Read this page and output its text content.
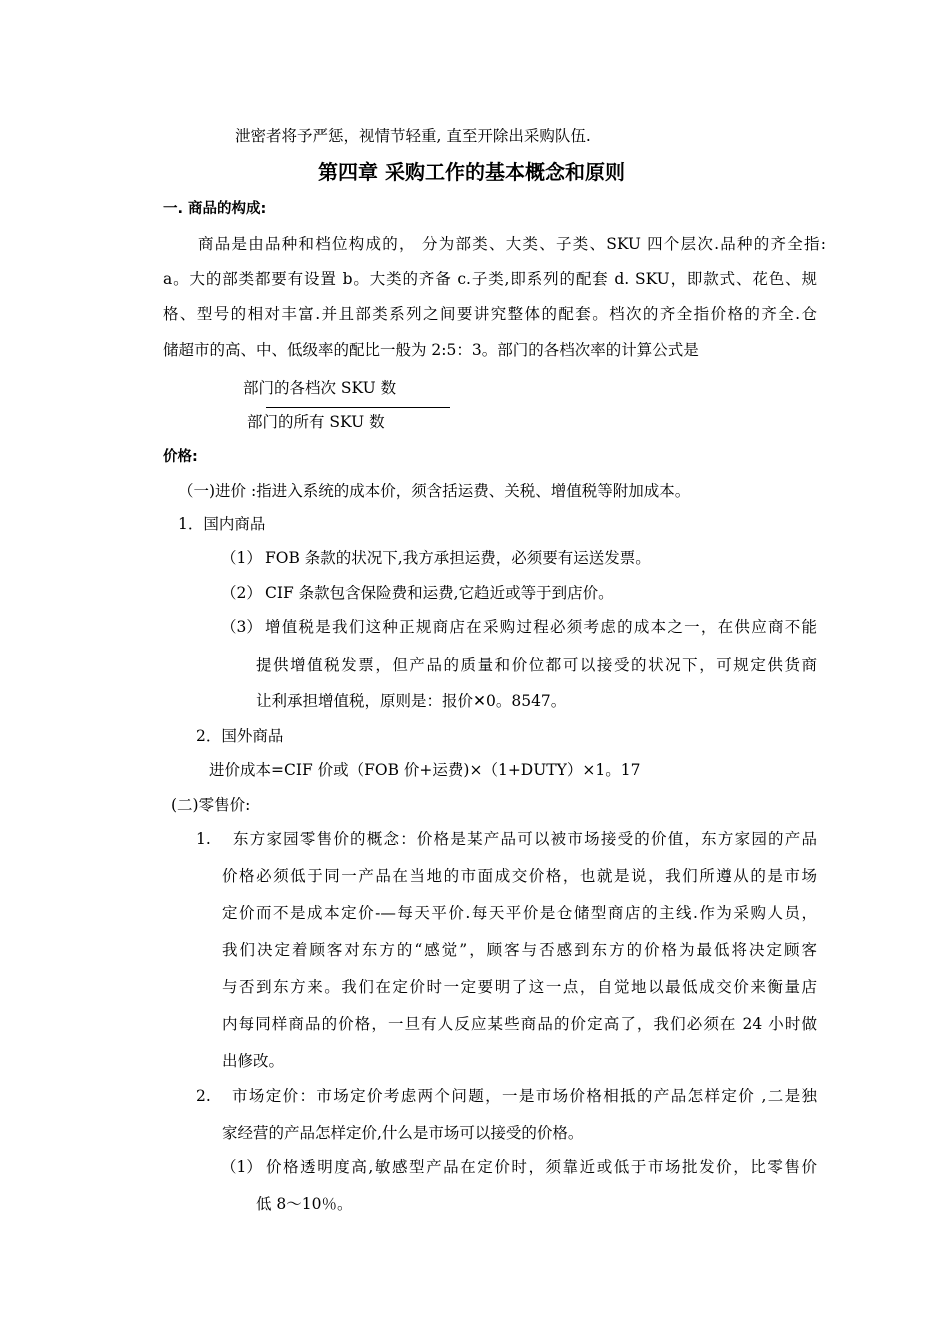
泄密者将予严惩，视情节轻重, 直至开除出采购队伍.
第四章 采购工作的基本概念和原则
一. 商品的构成:
商品是由品种和档位构成的， 分为部类、大类、子类、SKU 四个层次.品种的齐全指:
a。大的部类都要有设置 b。大类的齐备 c.子类,即系列的配套 d. SKU，即款式、花色、规
格、型号的相对丰富.并且部类系列之间要讲究整体的配套。档次的齐全指价格的齐全.仓
储超市的高、中、低级率的配比一般为 2:5：3。部门的各档次率的计算公式是
部门的各档次 SKU 数
部门的所有 SKU 数
价格:
（一)进价 :指进入系统的成本价，须含括运费、关税、增值税等附加成本。
1．国内商品
（1） FOB 条款的状况下,我方承担运费，必须要有运送发票。
（2） CIF 条款包含保险费和运费,它趋近或等于到店价。
（3） 增值税是我们这种正规商店在采购过程必须考虑的成本之一，在供应商不能
提供增值税发票，但产品的质量和价位都可以接受的状况下，可规定供货商
让利承担增值税，原则是：报价✕0。8547。
2．国外商品
进价成本=CIF 价或（FOB 价+运费)×（1+DUTY）×1。17
(二)零售价:
1. 东方家园零售价的概念：价格是某产品可以被市场接受的价值，东方家园的产品
价格必须低于同一产品在当地的市面成交价格，也就是说，我们所遵从的是市场
定价而不是成本定价-—每天平价.每天平价是仓储型商店的主线.作为采购人员，
我们决定着顾客对东方的“感觉”，顾客与否感到东方的价格为最低将决定顾客
与否到东方来。我们在定价时一定要明了这一点，自觉地以最低成交价来衡量店
内每同样商品的价格，一旦有人反应某些商品的价定高了，我们必须在 24 小时做
出修改。
2. 市场定价：市场定价考虑两个问题，一是市场价格相抵的产品怎样定价 ,二是独
家经营的产品怎样定价,什么是市场可以接受的价格。
（1） 价格透明度高,敏感型产品在定价时，须靠近或低于市场批发价，比零售价
低 8～10％。
